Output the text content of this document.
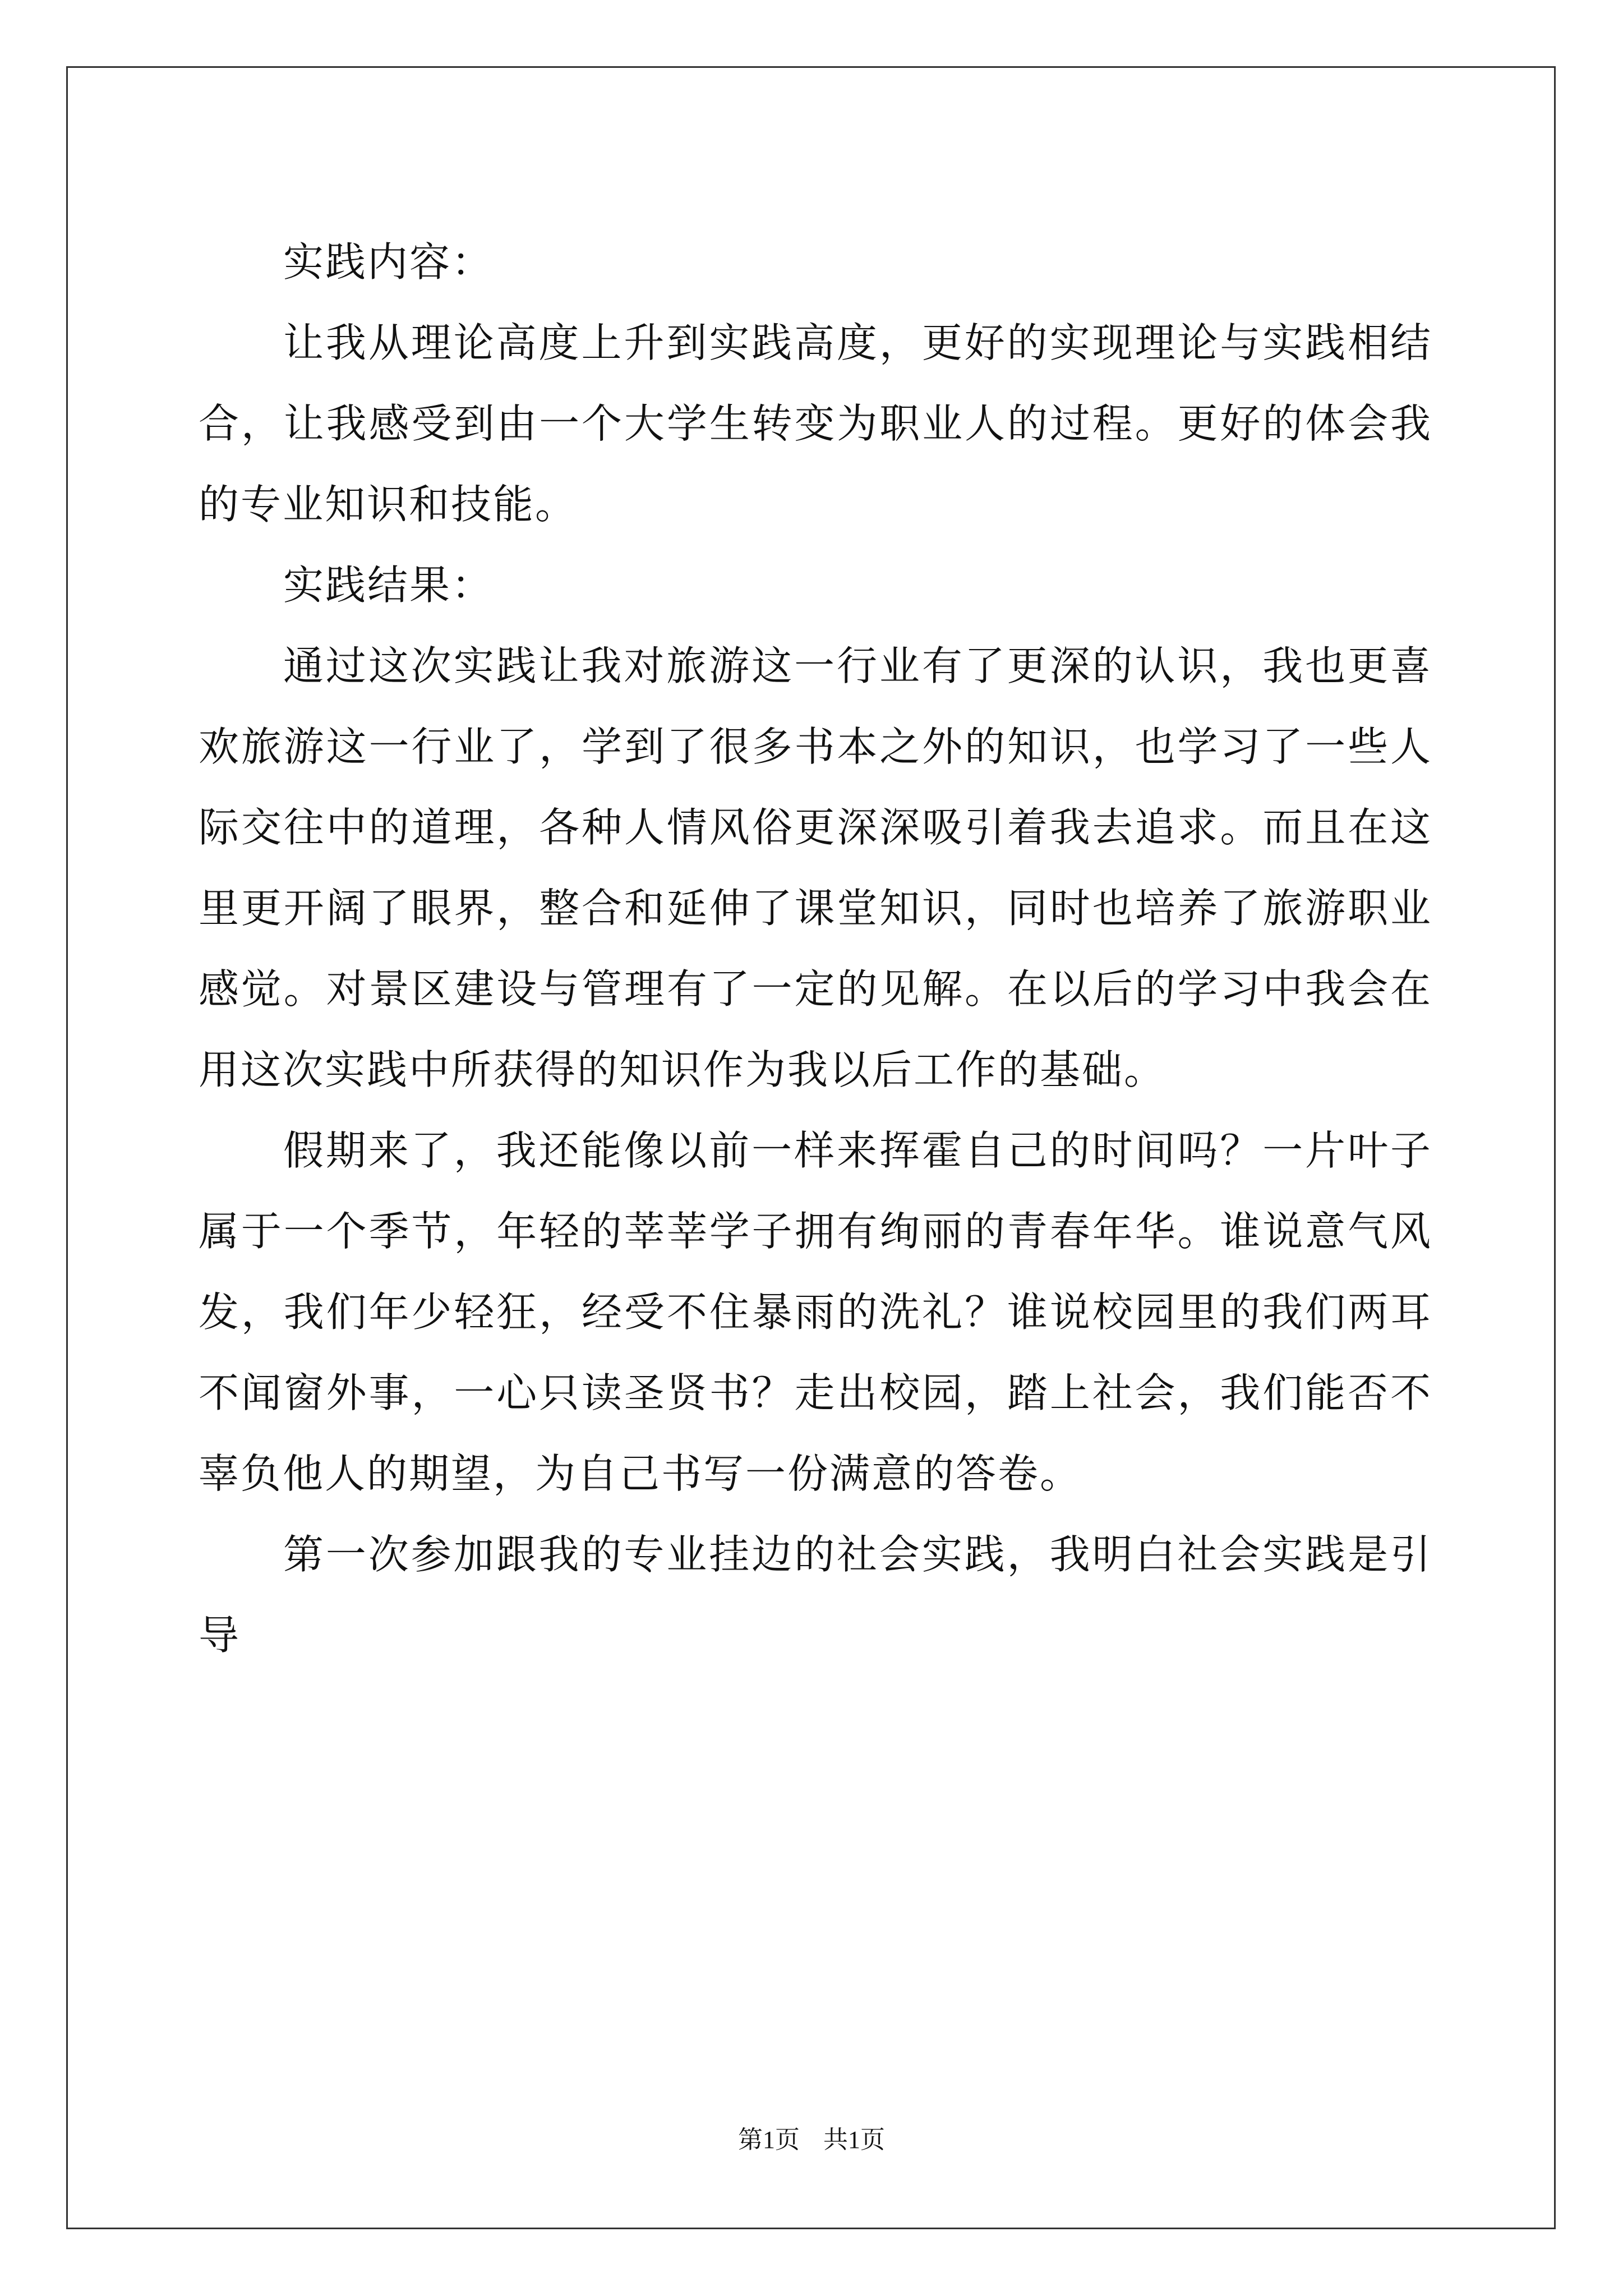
实践内容：

让我从理论高度上升到实践高度，更好的实现理论与实践相结合，让我感受到由一个大学生转变为职业人的过程。更好的体会我的专业知识和技能。

实践结果：

通过这次实践让我对旅游这一行业有了更深的认识，我也更喜欢旅游这一行业了，学到了很多书本之外的知识，也学习了一些人际交往中的道理，各种人情风俗更深深吸引着我去追求。而且在这里更开阔了眼界，整合和延伸了课堂知识，同时也培养了旅游职业感觉。对景区建设与管理有了一定的见解。在以后的学习中我会在用这次实践中所获得的知识作为我以后工作的基础。

假期来了，我还能像以前一样来挥霍自己的时间吗？一片叶子属于一个季节，年轻的莘莘学子拥有绚丽的青春年华。谁说意气风发，我们年少轻狂，经受不住暴雨的洗礼？谁说校园里的我们两耳不闻窗外事，一心只读圣贤书？走出校园，踏上社会，我们能否不辜负他人的期望，为自己书写一份满意的答卷。

第一次参加跟我的专业挂边的社会实践，我明白社会实践是引导

第1页 共1页
